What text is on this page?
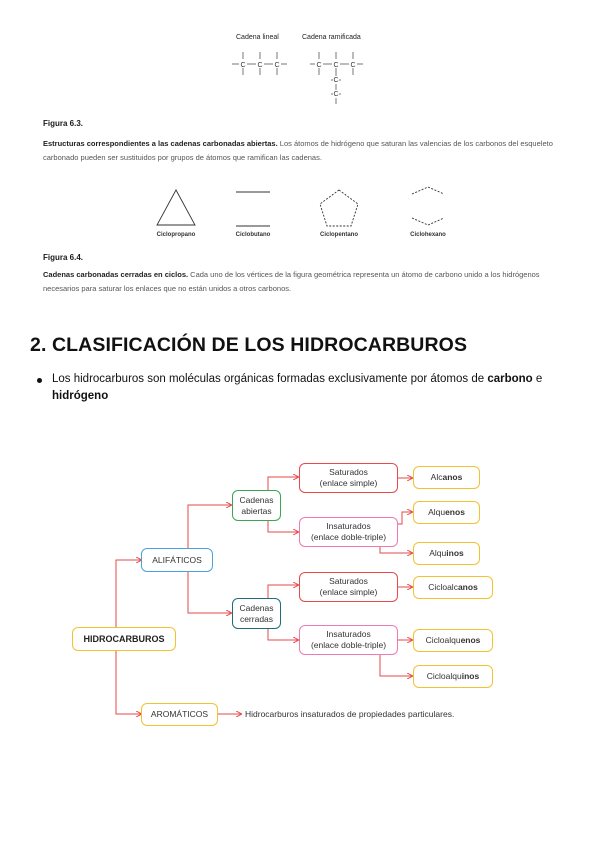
Cadena lineal	Cadena ramificada
C C C	C C C
C
C
Figura 6.3.
Estructuras correspondientes a las cadenas carbonadas abiertas. Los átomos de hidrógeno que saturan las valencias de los carbonos del esqueleto carbonado pueden ser sustituidos por grupos de átomos que ramifican las cadenas.
Ciclopropano	Ciclobutano	Ciclopentano	Ciclohexano
Figura 6.4.
Cadenas carbonadas cerradas en ciclos. Cada uno de los vértices de la figura geométrica representa un átomo de carbono unido a los hidrógenos necesarios para saturar los enlaces que no están unidos a otros carbonos.
2. CLASIFICACIÓN DE LOS HIDROCARBUROS
Los hidrocarburos son moléculas orgánicas formadas exclusivamente por átomos de carbono e hidrógeno
HIDROCARBUROS
ALIFÁTICOS
AROMÁTICOS	Hidrocarburos insaturados de propiedades particulares.
Cadenas
abiertas
Cadenas
cerradas
Saturados
(enlace simple)
Insaturados
(enlace doble-triple)
Saturados
(enlace simple)
Insaturados
(enlace doble-triple)
Alc anos
Alqu enos
Alqu inos
Cicloalc anos
Cicloalqu enos
Cicloalqu inos
